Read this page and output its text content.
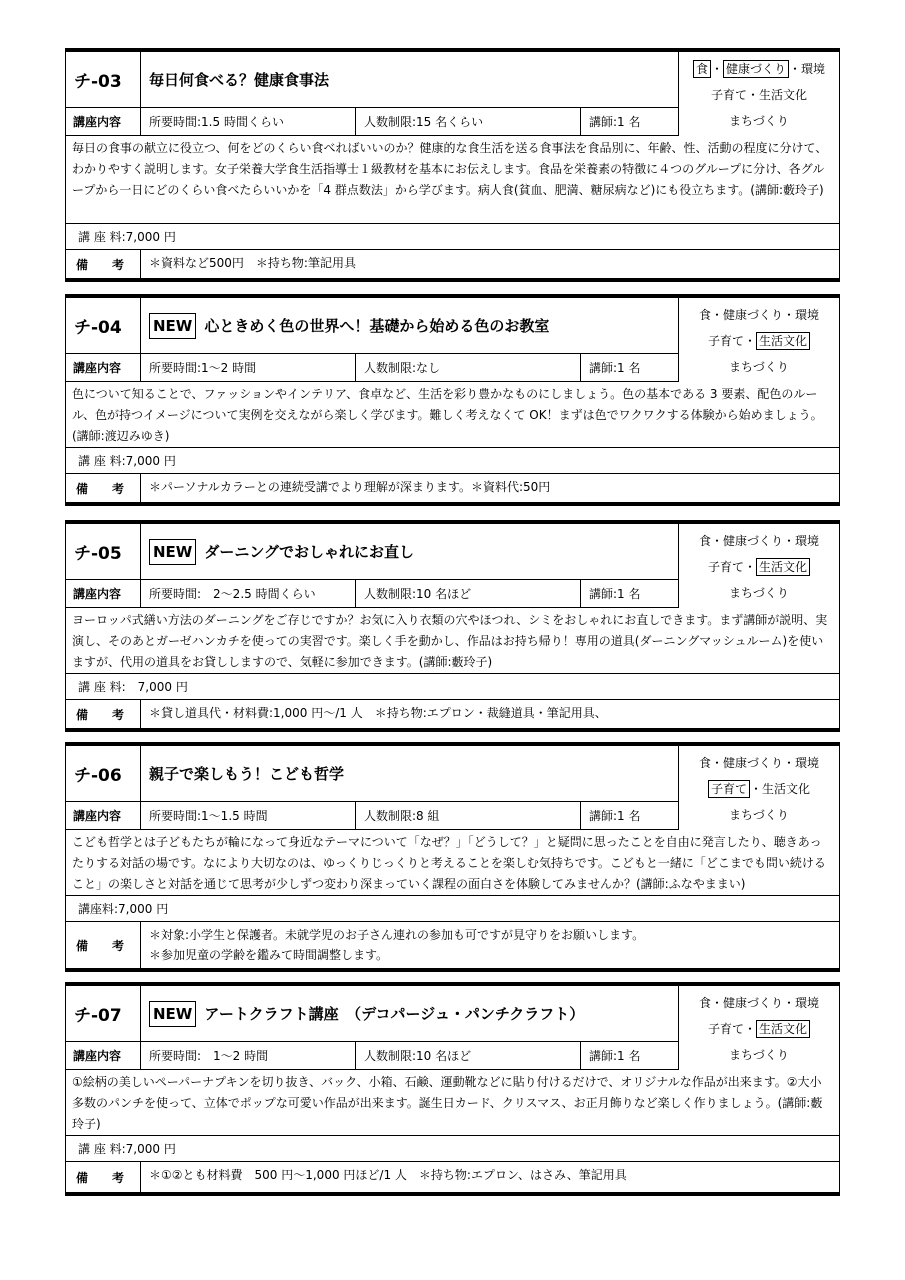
チ-03	毎日何食べる？健康食事法
食 ・ 健康づくり ・環境
子育て・生活文化
まちづくり
講座内容	所要時間:1.5 時間くらい	人数制限:15 名くらい	講師:1 名
毎日の食事の献立に役立つ、何をどのくらい食べればいいのか？健康的な食生活を送る食事法を食品別に、年齢、性、活動の程度に分けて、わかりやすく説明します。女子栄養大学食生活指導士１級教材を基本にお伝えします。食品を栄養素の特徴に４つのグループに分け、各グループから一日にどのくらい食べたらいいかを「4 群点数法」から学びます。病人食(貧血、肥満、糖尿病など)にも役立ちます。(講師:藪玲子)
講 座 料:7,000 円
備　　考	＊資料など500円　＊持ち物:筆記用具
チ-04	NEW 心ときめく色の世界へ！基礎から始める色のお教室
食・健康づくり・環境
子育て・ 生活文化
まちづくり
講座内容	所要時間:1〜2 時間	人数制限:なし	講師:1 名
色について知ることで、ファッションやインテリア、食卓など、生活を彩り豊かなものにしましょう。色の基本である 3 要素、配色のルール、色が持つイメージについて実例を交えながら楽しく学びます。難しく考えなくて OK！まずは色でワクワクする体験から始めましょう。(講師:渡辺みゆき)
講 座 料:7,000 円
備　　考	＊パーソナルカラーとの連続受講でより理解が深まります。＊資料代:50円
チ-05	NEW ダーニングでおしゃれにお直し
食・健康づくり・環境
子育て・ 生活文化
まちづくり
講座内容	所要時間:　2〜2.5 時間くらい	人数制限:10 名ほど	講師:1 名
ヨーロッパ式繕い方法のダーニングをご存じですか？お気に入り衣類の穴やほつれ、シミをおしゃれにお直しできます。まず講師が説明、実演し、そのあとガーゼハンカチを使っての実習です。楽しく手を動かし、作品はお持ち帰り！専用の道具(ダーニングマッシュルーム)を使いますが、代用の道具をお貸ししますので、気軽に参加できます。(講師:藪玲子)
講 座 料:　7,000 円
備　　考	＊貸し道具代・材料費:1,000 円〜/1 人　＊持ち物:エプロン・裁縫道具・筆記用具、
チ-06	親子で楽しもう！こども哲学
食・健康づくり・環境
子育て ・生活文化
まちづくり
講座内容	所要時間:1〜1.5 時間	人数制限:8 組	講師:1 名
こども哲学とは子どもたちが輪になって身近なテーマについて「なぜ？」「どうして？」と疑問に思ったことを自由に発言したり、聴きあったりする対話の場です。なにより大切なのは、ゆっくりじっくりと考えることを楽しむ気持ちです。こどもと一緒に「どこまでも問い続けること」の楽しさと対話を通じて思考が少しずつ変わり深まっていく課程の面白さを体験してみませんか？(講師:ふなやままい)
講座料:7,000 円
備　　考
＊対象:小学生と保護者。未就学児のお子さん連れの参加も可ですが見守りをお願いします。
＊参加児童の学齢を鑑みて時間調整します。
チ-07	NEW アートクラフト講座　（デコパージュ・パンチクラフト）
食・健康づくり・環境
子育て・ 生活文化
まちづくり
講座内容	所要時間:　1〜2 時間	人数制限:10 名ほど	講師:1 名
①絵柄の美しいペーパーナプキンを切り抜き、バック、小箱、石鹸、運動靴などに貼り付けるだけで、オリジナルな作品が出来ます。②大小多数のパンチを使って、立体でポップな可愛い作品が出来ます。誕生日カード、クリスマス、お正月飾りなど楽しく作りましょう。(講師:藪玲子)
講 座 料:7,000 円
備　　考	＊①②とも材料費　500 円〜1,000 円ほど/1 人　＊持ち物:エプロン、はさみ、筆記用具
